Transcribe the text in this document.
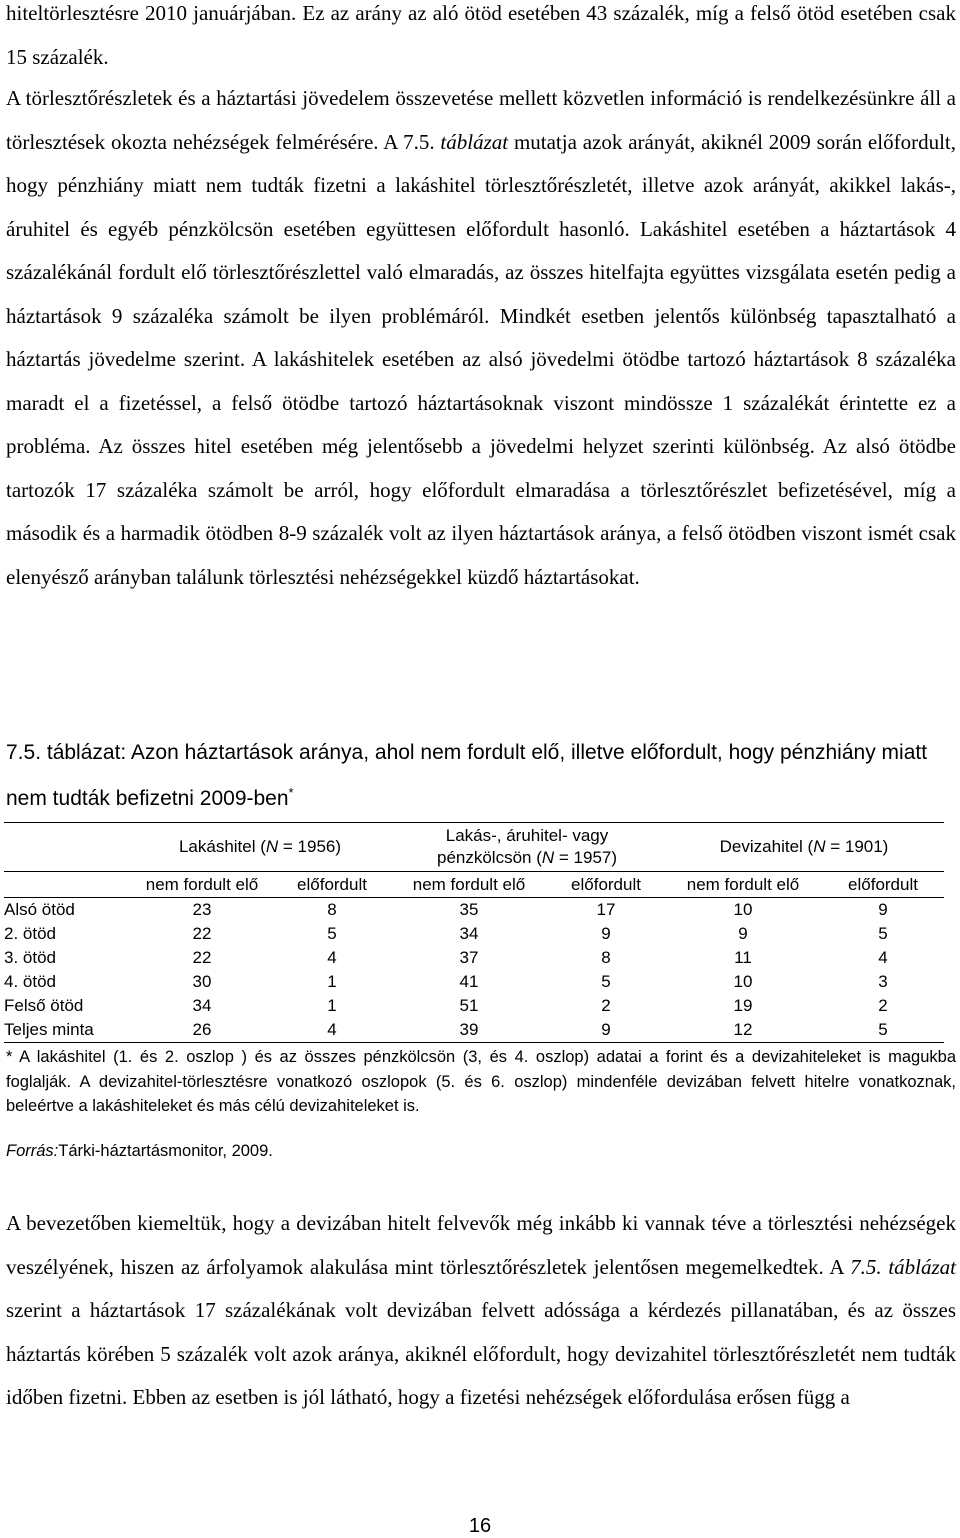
hiteltörlesztésre 2010 januárjában. Ez az arány az aló ötöd esetében 43 százalék, míg a felső ötöd esetében csak 15 százalék.

A törlesztőrészletek és a háztartási jövedelem összevetése mellett közvetlen információ is rendelkezésünkre áll a törlesztések okozta nehézségek felmérésére. A 7.5. táblázat mutatja azok arányát, akiknél 2009 során előfordult, hogy pénzhiány miatt nem tudták fizetni a lakáshitel törlesztőrészletét, illetve azok arányát, akikkel lakás-, áruhitel és egyéb pénzkölcsön esetében együttesen előfordult hasonló. Lakáshitel esetében a háztartások 4 százalékánál fordult elő törlesztőrészlettel való elmaradás, az összes hitelfajta együttes vizsgálata esetén pedig a háztartások 9 százaléka számolt be ilyen problémáról. Mindkét esetben jelentős különbség tapasztalható a háztartás jövedelme szerint. A lakáshitelek esetében az alsó jövedelmi ötödbe tartozó háztartások 8 százaléka maradt el a fizetéssel, a felső ötödbe tartozó háztartásoknak viszont mindössze 1 százalékát érintette ez a probléma. Az összes hitel esetében még jelentősebb a jövedelmi helyzet szerinti különbség. Az alsó ötödbe tartozók 17 százaléka számolt be arról, hogy előfordult elmaradása a törlesztőrészlet befizetésével, míg a második és a harmadik ötödben 8-9 százalék volt az ilyen háztartások aránya, a felső ötödben viszont ismét csak elenyésző arányban találunk törlesztési nehézségekkel küzdő háztartásokat.

7.5. táblázat: Azon háztartások aránya, ahol nem fordult elő, illetve előfordult, hogy pénzhiány miatt nem tudták befizetni 2009-ben*

	Lakáshitel (N = 1956)		Lakás-, áruhitel- vagy
pénzkölcsön (N = 1957)		Devizahitel (N = 1901)	
	nem fordult elő	előfordult	nem fordult elő	előfordult	nem fordult elő	előfordult
Alsó ötöd	23	8	35	17	10	9
2. ötöd	22	5	34	9	9	5
3. ötöd	22	4	37	8	11	4
4. ötöd	30	1	41	5	10	3
Felső ötöd	34	1	51	2	19	2
Teljes minta	26	4	39	9	12	5

* A lakáshitel (1. és 2. oszlop ) és az összes pénzkölcsön (3, és 4. oszlop) adatai a forint és a devizahiteleket is magukba foglalják. A devizahitel-törlesztésre vonatkozó oszlopok (5. és 6. oszlop) mindenféle devizában felvett hitelre vonatkoznak, beleértve a lakáshiteleket és más célú devizahiteleket is.

Forrás:Tárki-háztartásmonitor, 2009.

A bevezetőben kiemeltük, hogy a devizában hitelt felvevők még inkább ki vannak téve a törlesztési nehézségek veszélyének, hiszen az árfolyamok alakulása mint törlesztőrészletek jelentősen megemelkedtek. A 7.5. táblázat szerint a háztartások 17 százalékának volt devizában felvett adóssága a kérdezés pillanatában, és az összes háztartás körében 5 százalék volt azok aránya, akiknél előfordult, hogy devizahitel törlesztőrészletét nem tudták időben fizetni. Ebben az esetben is jól látható, hogy a fizetési nehézségek előfordulása erősen függ a

16
